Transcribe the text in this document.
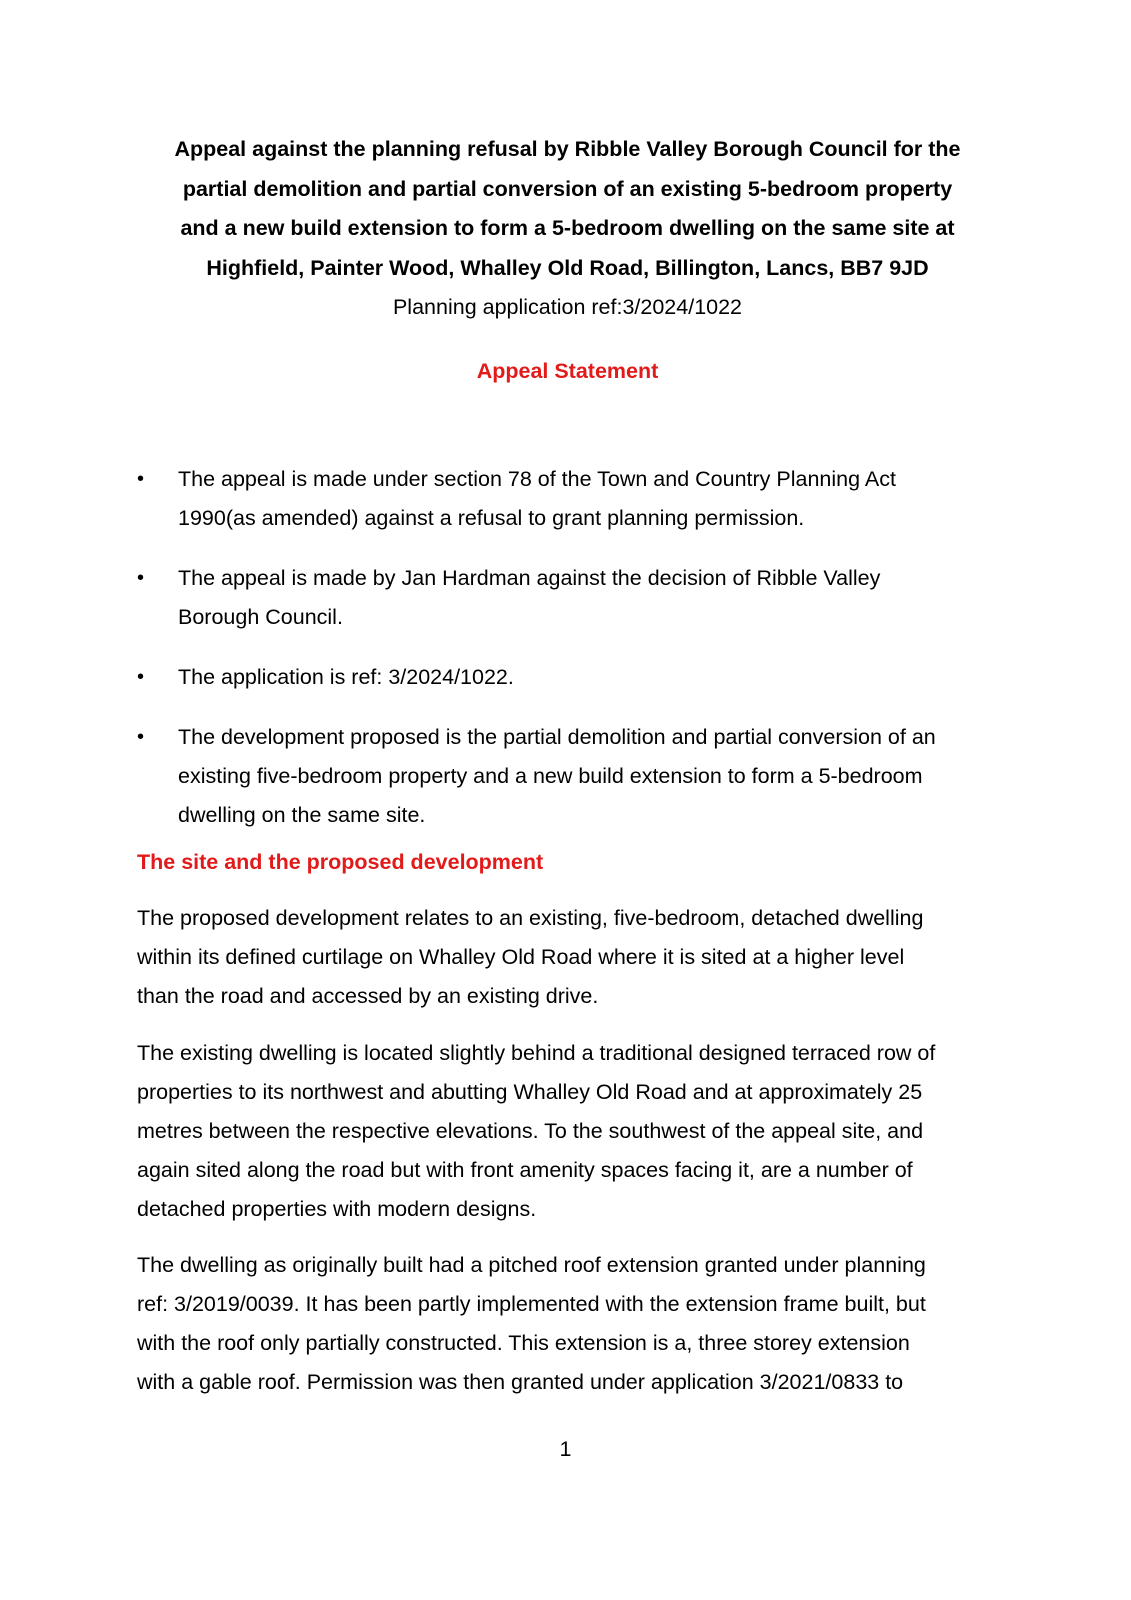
Appeal against the planning refusal by Ribble Valley Borough Council for the
partial demolition and partial conversion of an existing 5-bedroom property
and a new build extension to form a 5-bedroom dwelling on the same site at
Highfield, Painter Wood, Whalley Old Road, Billington, Lancs, BB7 9JD
Planning application ref:3/2024/1022
Appeal Statement
• The appeal is made under section 78 of the Town and Country Planning Act
1990(as amended) against a refusal to grant planning permission.
• The appeal is made by Jan Hardman against the decision of Ribble Valley
Borough Council.
• The application is ref: 3/2024/1022.
• The development proposed is the partial demolition and partial conversion of an
existing five-bedroom property and a new build extension to form a 5-bedroom
dwelling on the same site.
The site and the proposed development
The proposed development relates to an existing, five-bedroom, detached dwelling
within its defined curtilage on Whalley Old Road where it is sited at a higher level
than the road and accessed by an existing drive.
The existing dwelling is located slightly behind a traditional designed terraced row of
properties to its northwest and abutting Whalley Old Road and at approximately 25
metres between the respective elevations. To the southwest of the appeal site, and
again sited along the road but with front amenity spaces facing it, are a number of
detached properties with modern designs.
The dwelling as originally built had a pitched roof extension granted under planning
ref: 3/2019/0039. It has been partly implemented with the extension frame built, but
with the roof only partially constructed. This extension is a, three storey extension
with a gable roof. Permission was then granted under application 3/2021/0833 to
1
